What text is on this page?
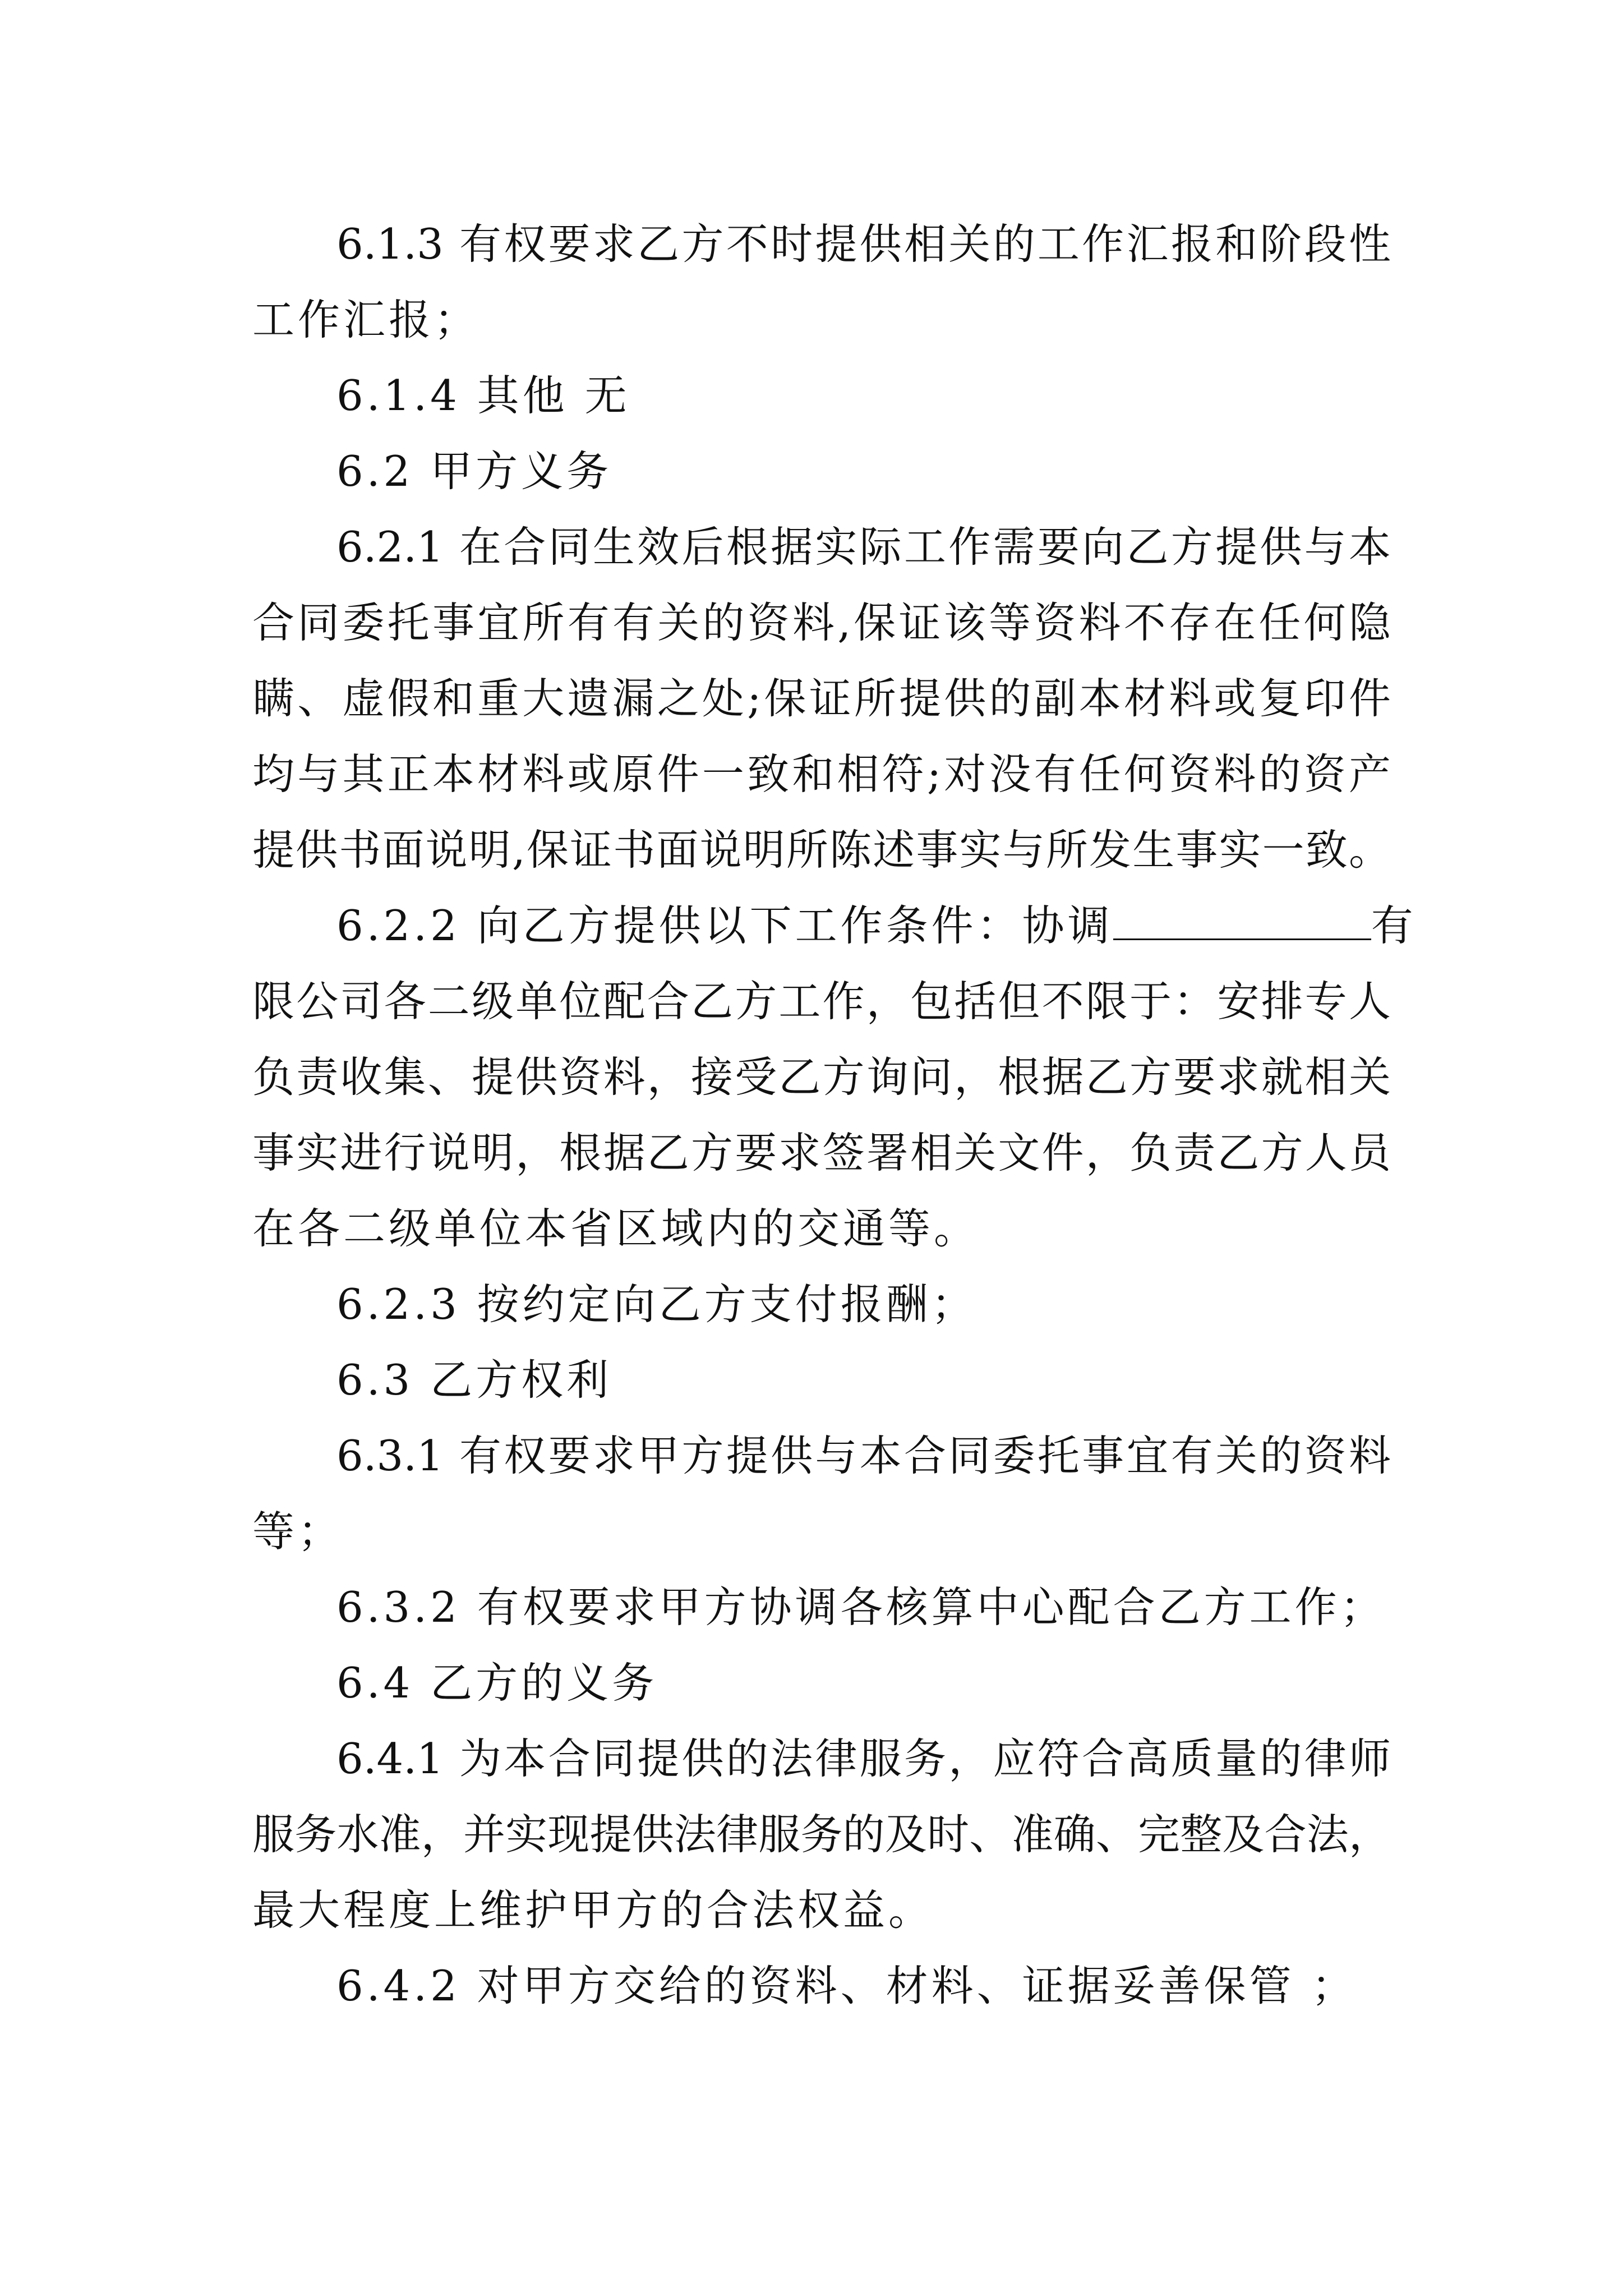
6.1.3 有权要求乙方不时提供相关的工作汇报和阶段性
工作汇报；
6.1.4 其他 无
6.2 甲方义务
6.2.1 在合同生效后根据实际工作需要向乙方提供与本
合同委托事宜所有有关的资料,保证该等资料不存在任何隐
瞒、虚假和重大遗漏之处;保证所提供的副本材料或复印件
均与其正本材料或原件一致和相符;对没有任何资料的资产
提供书面说明,保证书面说明所陈述事实与所发生事实一致。
6.2.2 向乙方提供以下工作条件：协调	有
限公司各二级单位配合乙方工作，包括但不限于：安排专人
负责收集、提供资料，接受乙方询问，根据乙方要求就相关
事实进行说明，根据乙方要求签署相关文件，负责乙方人员
在各二级单位本省区域内的交通等。
6.2.3 按约定向乙方支付报酬；
6.3 乙方权利
6.3.1 有权要求甲方提供与本合同委托事宜有关的资料
等；
6.3.2 有权要求甲方协调各核算中心配合乙方工作；
6.4 乙方的义务
6.4.1 为本合同提供的法律服务，应符合高质量的律师
服务水准，并实现提供法律服务的及时、准确、完整及合法，
最大程度上维护甲方的合法权益。
6.4.2 对甲方交给的资料、材料、证据妥善保管 ；
